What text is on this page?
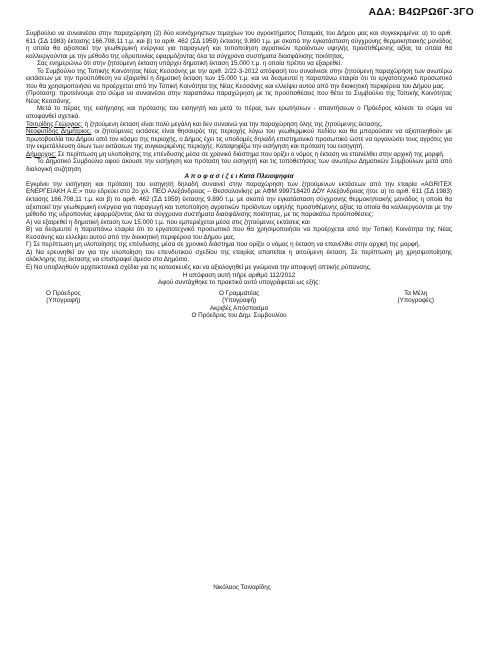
ΑΔΑ: Β4ΩΡΩ6Γ-3ΓΟ

Συμβούλιο να συναινέσει στην παραχώρηση (2) δύο κοινόχρηστων τεμαχίων του αγροκτήματος Ποταμιάς του Δήμου μας και συγκεκριμένα: α) το αριθ. 611 (ΣΔ 1983) έκτασης 166.708,11 τ.μ. και β) το αριθ. 462 (ΣΔ 1959) έκτασης 9.890 τ.μ. με σκοπό την εγκατάσταση σύγχρονης θερμοκηπιακής μονάδος η οποία θα αξιοποιεί την γεωθερμική ενέργεια για παραγωγή και τυποποίηση αγροτικών προϊόντων υψηλής προστιθέμενης αξίας τα οποία θα καλλιεργούνται με την μέθοδο της υδροπονίας εφαρμόζοντας όλα τα σύγχρονα συστήματα διασφάλισης ποιότητας.

Σας ενημερώνω ότι στην ζητούμενη έκταση υπάρχει δημοτική έκταση 15.000 τ.μ. η οποία πρέπει να εξαιρεθεί.

Το Συμβούλιο της Τοπικής Κοινότητας Νέας Κεσσάνης με την αριθ. 2/22-3-2012 απόφασή του συναίνεσε στην ζητούμενη παραχώρηση των ανωτέρω εκτάσεων με την προϋπόθεση να εξαιρεθεί η δημοτική έκταση των 15.000 τ.μ. και να δεσμευτεί η παραπάνω εταιρία ότι το εργατοτεχνικό προσωπικό που θα χρησιμοποιήσει να προέρχεται από την Τοπική Κοινότητα της Νέας Κεσσάνης και ελλείψει αυτού από την διοικητική περιφέρεια του Δήμου μας.

(Πρόταση): προτείνουμε στο σώμα να συναινέσει στην παραπάνω παραχώρηση με τις προϋποθέσεις που θέτει το Συμβούλιο της Τοπικής Κοινότητας Νέας Κεσσάνης.

Μετά το πέρας της εισήγησης και πρότασης του εισηγητή και μετά το πέρας των ερωτήσεων - απαντήσεων ο Πρόεδρος κάλεσε το σώμα να αποφανθεί σχετικά.

Τσιτιρίδης Γεώργιος: ή ζητούμενη έκταση είναι πολύ μεγάλη και δεν συναινώ για την παραχώρηση όλης της ζητούμενης έκτασης.

Νεοφυτίδης Δημήτριος: οι ζητούμενες εκτάσεις είναι θησαυρός της περιοχής λόγω του γεωθερμικού πεδίου και θα μπορούσαν να αξιοποιηθούν με πρωτοβουλία του Δήμου από τον κόσμο της περιοχής, ο Δήμος έχει τις υποδομές δηλαδή επιστημονικό προσωπικό ώστε να οργανώσει τους αγρότες για την εκμετάλλευση όλων των εκτάσεων της συγκεκριμένης περιοχής. Καταψηφίζω την εισήγηση και πρόταση του εισηγητή.

Δήμαρχος: Σε περίπτωση μη υλοποίησης της επένδυσης μέσα σε χρονικό διάστημα που ορίζει ο νόμος η έκταση να επανέλθει στην αρχική της μορφή.

Το Δημοτικό Συμβούλιο αφού άκουσε την εισήγηση και πρόταση του εισηγητή και τις τοποθετήσεις των ανωτέρω Δημοτικών Συμβούλων μετά από διαλογική συζήτηση

Α π ο φ α σ ί ζ ε ι Κατά Πλειοψηφία

Εγκρίνει την εισήγηση και πρόταση του εισηγητή δηλαδή συναινεί στην παραχώρηση των ζητούμενων εκτάσεων από την εταιρία «AGRITEX ΕΝΕΡΓΕΙΑΚΗ Α.Ε.» που εδρεύει στο 2ο χιλ. ΠΕΟ Αλεξάνδρειας – Θεσσαλονίκης με ΑΦΜ 999718420 ΔΟΥ Αλεξάνδρειας ήτοι: α) το αριθ. 611 (ΣΔ 1983) έκτασης 166.708,11 τ.μ. και β) το αριθ. 462 (ΣΔ 1959) έκτασης 9.890 τ.μ. με σκοπό την εγκατάσταση σύγχρονης θερμοκηπιακής μονάδος η οποία θα αξιοποιεί την γεωθερμική ενέργεια για παραγωγή και τυποποίηση αγροτικών προϊόντων υψηλής προστιθέμενης αξίας τα οποία θα καλλιεργούνται με την μέθοδο της υδροπονίας εφαρμόζοντας όλα τα σύγχρονα συστήματα διασφάλισης ποιότητας, με τις παρακάτω προϋποθέσεις:

Α) να εξαιρεθεί η δημοτική έκταση των 15.000 τ.μ. που εμπεριέχεται μέσα στις ζητούμενες εκτάσεις και

Β) να δεσμευτεί η παραπάνω εταιρία ότι το εργατοτεχνικό προσωπικό που θα χρησιμοποιήσει να προέρχεται από την Τοπική Κοινότητα της Νέας Κεσσάνης και ελλείψει αυτού από την διοικητική περιφέρεια του Δήμου μας.

Γ) Σε περίπτωση μη υλοποίησης της επένδυσης μέσα σε χρονικό διάστημα που ορίζει ο νόμος η έκταση να επανέλθει στην αρχική της μορφή.

Δ) Να ερευνηθεί αν για την υλοποίηση του επενδυτικού σχεδίου της εταιρίας απαιτείται η αιτούμενη έκταση. Σε περίπτωση μη χρησιμοποίησης ολόκληρης της έκτασης να επιστραφεί άμεσα στο Δημόσιο.

Ε) Να υποβληθούν αρχιτεκτονικά σχέδια για τις κατασκευές και να αξιολογηθεί με γνώμονα την αποφυγή οπτικής ρύπανσης.

Η απόφαση αυτή πήρε αριθμό 112/2012

Αφού συντάχθηκε το πρακτικό αυτό υπογράφεται ως εξής:

Ο Πρόεδρος
(Υπογραφή)
Ο Γραμματέας
(Υπογραφή)
Τα Μέλη
(Υπογραφές)

Ακριβές Απόσπασμα

Ο Πρόεδρος του Δημ. Συμβουλίου

Νικόλαος Τσιναρίδης
